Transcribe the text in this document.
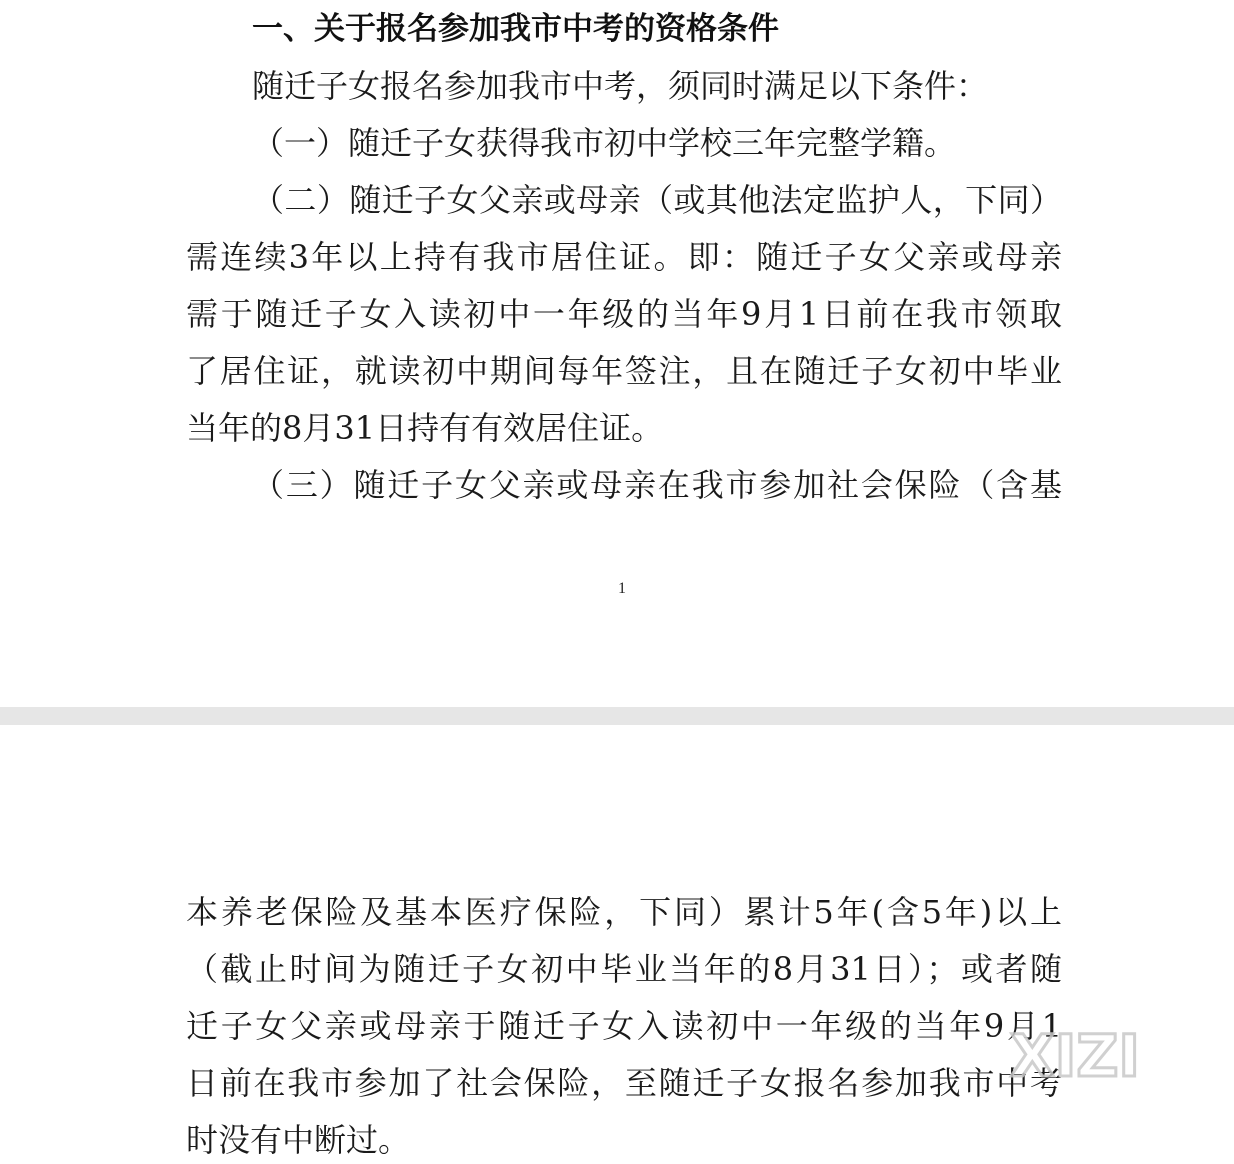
一、关于报名参加我市中考的资格条件
随迁子女报名参加我市中考，须同时满足以下条件：
（一）随迁子女获得我市初中学校三年完整学籍。
（二）随迁子女父亲或母亲（或其他法定监护人，下同）
需连续3年以上持有我市居住证。即：随迁子女父亲或母亲
需于随迁子女入读初中一年级的当年9月1日前在我市领取
了居住证，就读初中期间每年签注，且在随迁子女初中毕业
当年的8月31日持有有效居住证。
（三）随迁子女父亲或母亲在我市参加社会保险（含基
1
本养老保险及基本医疗保险，下同）累计5年(含5年)以上
（截止时间为随迁子女初中毕业当年的8月31日）；或者随
迁子女父亲或母亲于随迁子女入读初中一年级的当年9月1
日前在我市参加了社会保险，至随迁子女报名参加我市中考
时没有中断过。
XIZI
